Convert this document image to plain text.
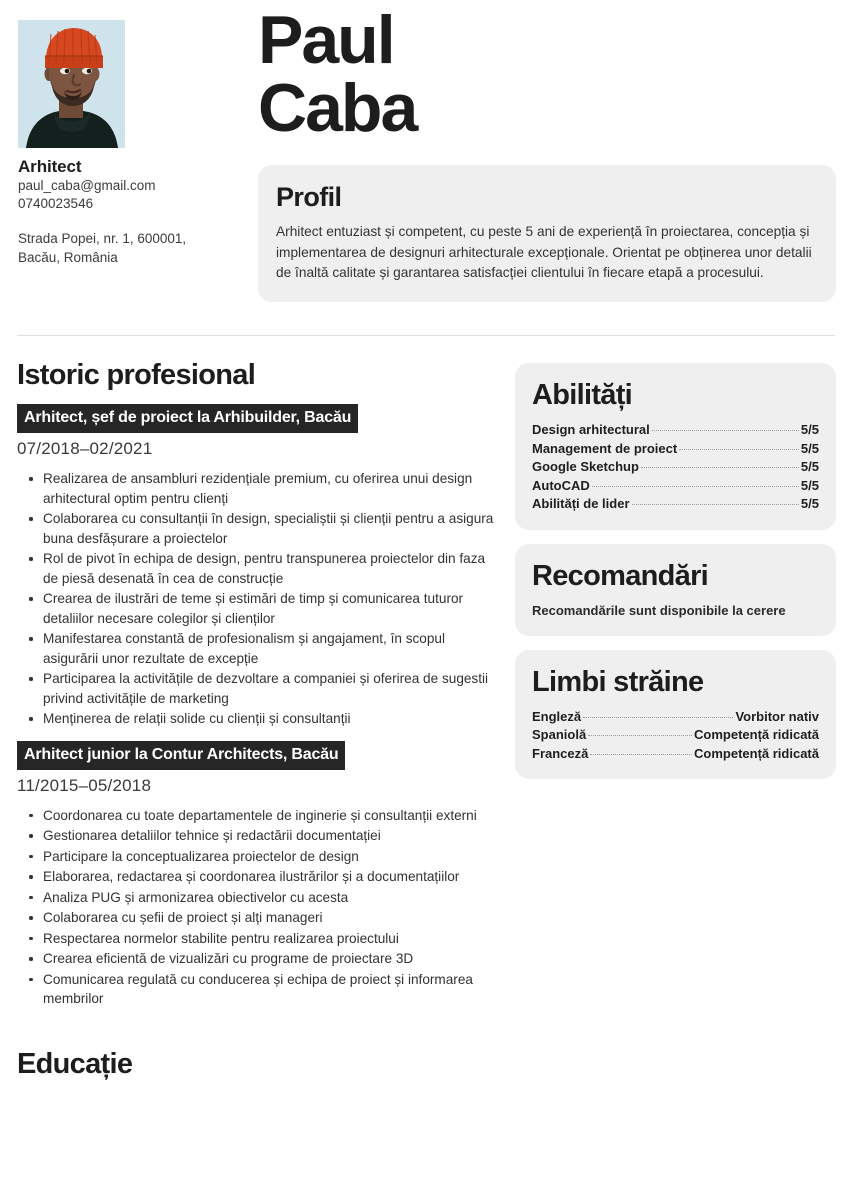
Arhitect
paul_caba@gmail.com
0740023546
Strada Popei, nr. 1, 600001,
Bacău, România
Paul
Caba
Profil
Arhitect entuziast și competent, cu peste 5 ani de experiență în proiectarea, concepția și implementarea de designuri arhitecturale excepționale. Orientat pe obținerea unor detalii de înaltă calitate și garantarea satisfacției clientului în fiecare etapă a procesului.
Istoric profesional
Arhitect, șef de proiect la Arhibuilder, Bacău
07/2018–02/2021
Realizarea de ansambluri rezidențiale premium, cu oferirea unui design arhitectural optim pentru clienți
Colaborarea cu consultanții în design, specialiștii și clienții pentru a asigura buna desfășurare a proiectelor
Rol de pivot în echipa de design, pentru transpunerea proiectelor din faza de piesă desenată în cea de construcție
Crearea de ilustrări de teme și estimări de timp și comunicarea tuturor detaliilor necesare colegilor și clienților
Manifestarea constantă de profesionalism și angajament, în scopul asigurării unor rezultate de excepție
Participarea la activitățile de dezvoltare a companiei și oferirea de sugestii privind activitățile de marketing
Menținerea de relații solide cu clienții și consultanții
Arhitect junior la Contur Architects, Bacău
11/2015–05/2018
Coordonarea cu toate departamentele de inginerie și consultanții externi
Gestionarea detaliilor tehnice și redactării documentației
Participare la conceptualizarea proiectelor de design
Elaborarea, redactarea și coordonarea ilustrărilor și a documentațiilor
Analiza PUG și armonizarea obiectivelor cu acesta
Colaborarea cu șefii de proiect și alți manageri
Respectarea normelor stabilite pentru realizarea proiectului
Crearea eficientă de vizualizări cu programe de proiectare 3D
Comunicarea regulată cu conducerea și echipa de proiect și informarea membrilor
Educație
Abilități
Design arhitectural	5/5
Management de proiect	5/5
Google Sketchup	5/5
AutoCAD	5/5
Abilități de lider	5/5
Recomandări
Recomandările sunt disponibile la cerere
Limbi străine
Engleză	Vorbitor nativ
Spaniolă	Competență ridicată
Franceză	Competență ridicată
